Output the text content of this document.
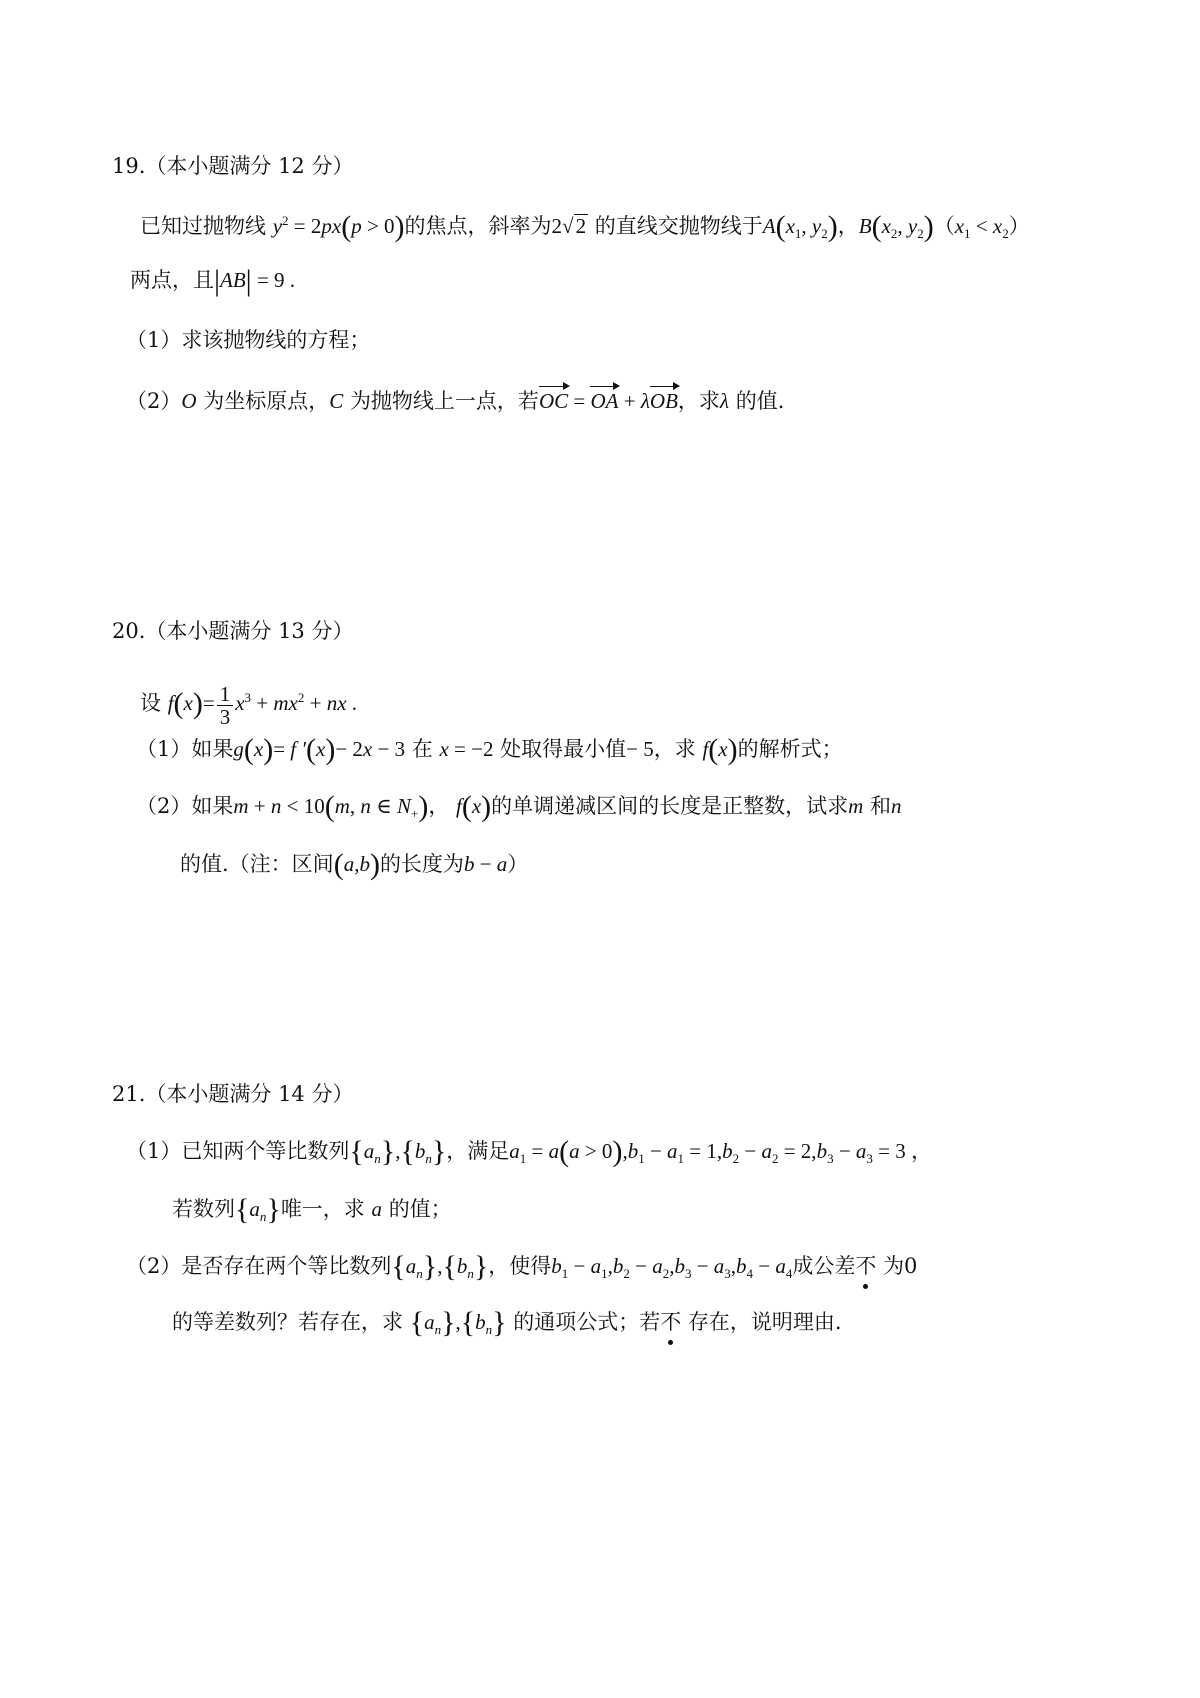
19.（本小题满分 12 分）
已知过抛物线 $y^2 = 2px(p > 0)$的焦点，斜率为2√2 的直线交抛物线于$A(x_1$, $y_2$)，$B(x_2$, $y_2)(x_1 < x_2)$
两点，且|AB| = 9 .
（1）求该抛物线的方程；
（2）O 为坐标原点，C 为抛物线上一点，若OC = OA + λOB，求λ 的值.
20.（本小题满分 13 分）
设 $f(x)= \frac{1}{3} x^3 + mx^2$ + nx .
（1）如果g(x)= f ′(x)− 2x − 3 在 x = −2 处取得最小值− 5，求 f(x)的解析式；
（2）如果m + n < 10(m, n ∈ $N_+$)， f(x)的单调递减区间的长度是正整数，试求m 和n
的值.（注：区间(a,b)的长度为b − a）
21.（本小题满分 14 分）
（1）已知两个等比数列$\{a_n\},\{b_n\}$，满足$a_1 = a(a > 0),b_1 - a_1 = 1,b_2 - a_2 = 2,b_3 - a_3 = 3$ ，
若数列$\{a_n\}$唯一，求 a 的值；
（2）是否存在两个等比数列$\{a_n\},\{b_n\}$，使得$b_1 - a_1,b_2 - a_2,b_3 - a_3,b_4 - a_4$成公差不 为0
的等差数列？若存在，求 $\{a_n\},\{b_n\}$ 的通项公式；若不 存在，说明理由.
